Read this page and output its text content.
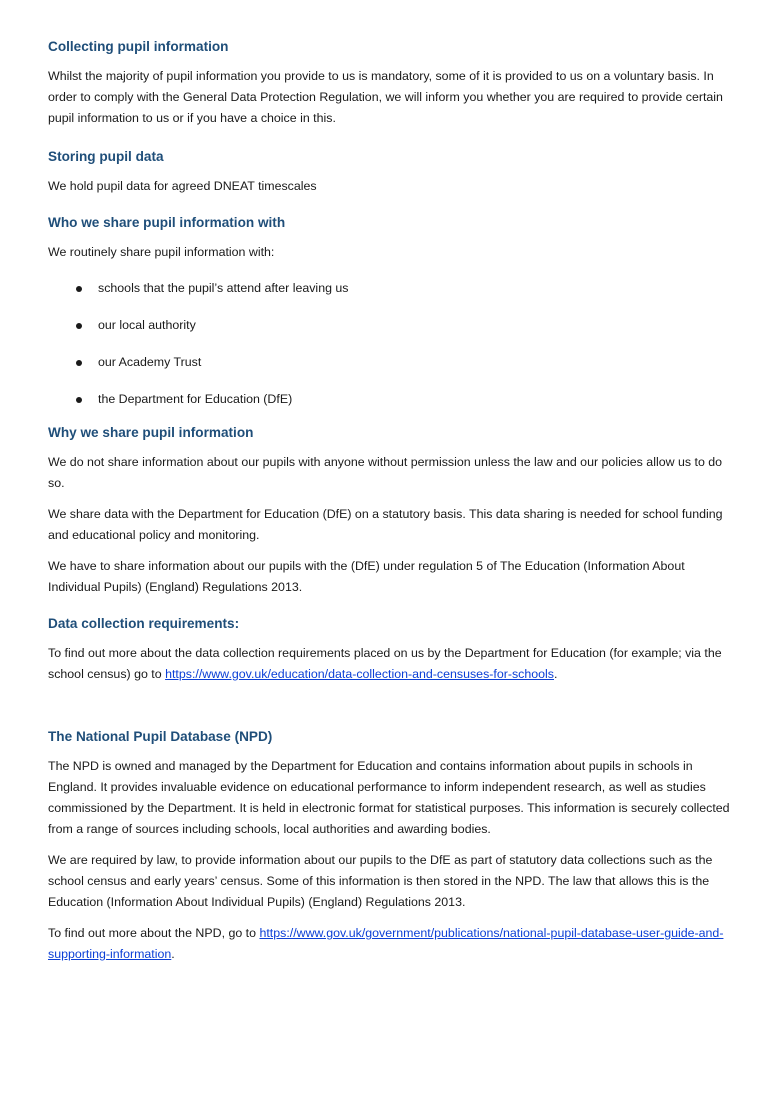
Collecting pupil information

Whilst the majority of pupil information you provide to us is mandatory, some of it is provided to us on a voluntary basis. In order to comply with the General Data Protection Regulation, we will inform you whether you are required to provide certain pupil information to us or if you have a choice in this.

Storing pupil data

We hold pupil data for agreed DNEAT timescales

Who we share pupil information with

We routinely share pupil information with:

schools that the pupil’s attend after leaving us
our local authority
our Academy Trust
the Department for Education (DfE)
Why we share pupil information

We do not share information about our pupils with anyone without permission unless the law and our policies allow us to do so.

We share data with the Department for Education (DfE) on a statutory basis. This data sharing is needed for school funding and educational policy and monitoring.

We have to share information about our pupils with the (DfE) under regulation 5 of The Education (Information About Individual Pupils) (England) Regulations 2013.

Data collection requirements:

To find out more about the data collection requirements placed on us by the Department for Education (for example; via the school census) go to https://www.gov.uk/education/data-collection-and-censuses-for-schools.

The National Pupil Database (NPD)

The NPD is owned and managed by the Department for Education and contains information about pupils in schools in England. It provides invaluable evidence on educational performance to inform independent research, as well as studies commissioned by the Department. It is held in electronic format for statistical purposes. This information is securely collected from a range of sources including schools, local authorities and awarding bodies.

We are required by law, to provide information about our pupils to the DfE as part of statutory data collections such as the school census and early years’ census. Some of this information is then stored in the NPD. The law that allows this is the Education (Information About Individual Pupils) (England) Regulations 2013.

To find out more about the NPD, go to https://www.gov.uk/government/publications/national-pupil-database-user-guide-and-supporting-information.
